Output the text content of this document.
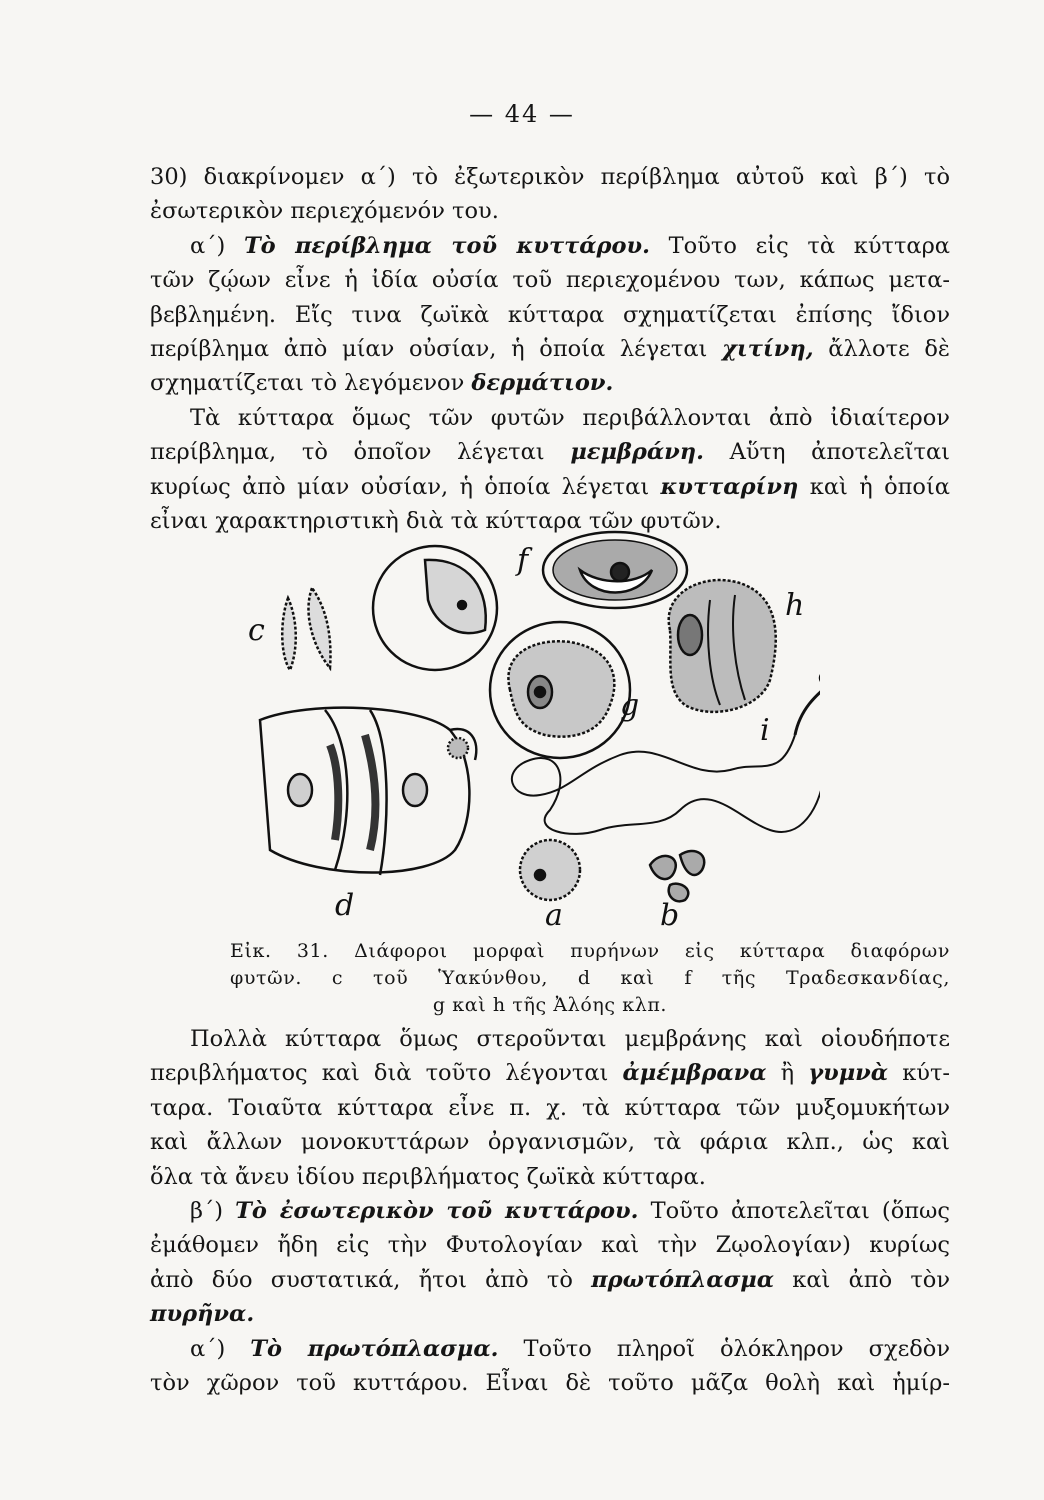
— 44 —
30) διακρίνομεν α΄) τὸ ἐξωτερικὸν περίβλημα αὐτοῦ καὶ β΄) τὸ
ἐσωτερικὸν περιεχόμενόν του.
α΄) Τὸ περίβλημα τοῦ κυττάρου. Τοῦτο εἰς τὰ κύτταρα
τῶν ζῴων εἶνε ἡ ἰδία οὐσία τοῦ περιεχομένου των, κάπως μετα-
βεβλημένη. Εἴς τινα ζωϊκὰ κύτταρα σχηματίζεται ἐπίσης ἴδιον
περίβλημα ἀπὸ μίαν οὐσίαν, ἡ ὁποία λέγεται χιτίνη, ἄλλοτε δὲ
σχηματίζεται τὸ λεγόμενον δερμάτιον.
Τὰ κύτταρα ὅμως τῶν φυτῶν περιβάλλονται ἀπὸ ἰδιαίτερον
περίβλημα, τὸ ὁποῖον λέγεται μεμβράνη. Αὕτη ἀποτελεῖται
κυρίως ἀπὸ μίαν οὐσίαν, ἡ ὁποία λέγεται κυτταρίνη καὶ ἡ ὁποία
εἶναι χαρακτηριστικὴ διὰ τὰ κύτταρα τῶν φυτῶν.
c
f
h
g
i
d	a	b
Εἰκ. 31. Διάφοροι μορφαὶ πυρήνων εἰς κύτταρα διαφόρων
φυτῶν. c τοῦ Ὑακύνθου, d καὶ f τῆς Τραδεσκανδίας,
g καὶ h τῆς Ἀλόης κλπ.
Πολλὰ κύτταρα ὅμως στεροῦνται μεμβράνης καὶ οἱουδήποτε
περιβλήματος καὶ διὰ τοῦτο λέγονται ἀμέμβρανα ἢ γυμνὰ κύτ-
ταρα. Τοιαῦτα κύτταρα εἶνε π. χ. τὰ κύτταρα τῶν μυξομυκήτων
καὶ ἄλλων μονοκυττάρων ὀργανισμῶν, τὰ φάρια κλπ., ὡς καὶ
ὅλα τὰ ἄνευ ἰδίου περιβλήματος ζωϊκὰ κύτταρα.
β΄) Τὸ ἐσωτερικὸν τοῦ κυττάρου. Τοῦτο ἀποτελεῖται (ὅπως
ἐμάθομεν ἤδη εἰς τὴν Φυτολογίαν καὶ τὴν Ζῳολογίαν) κυρίως
ἀπὸ δύο συστατικά, ἤτοι ἀπὸ τὸ πρωτόπλασμα καὶ ἀπὸ τὸν
πυρῆνα.
α΄) Τὸ πρωτόπλασμα. Τοῦτο πληροῖ ὁλόκληρον σχεδὸν
τὸν χῶρον τοῦ κυττάρου. Εἶναι δὲ τοῦτο μᾶζα θολὴ καὶ ἡμίρ-
